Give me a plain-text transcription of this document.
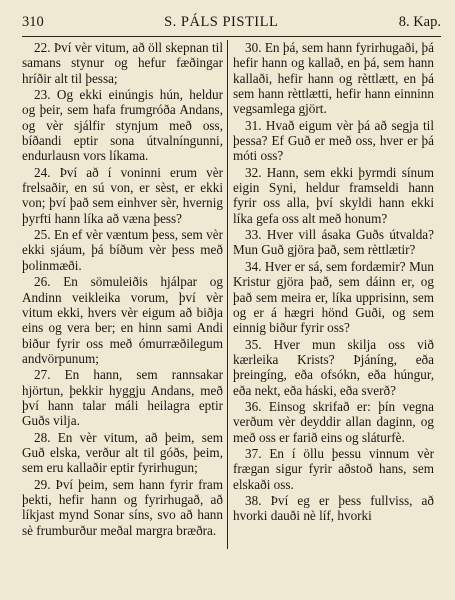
310	S. PÁLS PISTILL	8. Kap.

22. Því vèr vitum, að öll skepnan til samans stynur og hefur fæðingar hríðir alt til þessa;

23. Og ekki einúngis hún, heldur og þeir, sem hafa frumgróða Andans, og vèr sjálfir stynjum með oss, bíðandi eptir sona útvalníngunni, endurlausn vors líkama.

24. Því að í voninni erum vèr frelsaðir, en sú von, er sèst, er ekki von; því það sem einhver sèr, hvernig þyrfti hann líka að væna þess?

25. En ef vèr væntum þess, sem vèr ekki sjáum, þá bíðum vèr þess með þolinmæði.

26. En sömuleiðis hjálpar og Andinn veikleika vorum, því vèr vitum ekki, hvers vèr eigum að biðja eins og vera ber; en hinn sami Andi biður fyrir oss með ómurræðilegum andvörpunum;

27. En hann, sem rannsakar hjörtun, þekkir hyggju Andans, með því hann talar máli heilagra eptir Guðs vilja.

28. En vèr vitum, að þeim, sem Guð elska, verður alt til góðs, þeim, sem eru kallaðir eptir fyrirhugun;

29. Því þeim, sem hann fyrir fram þekti, hefir hann og fyrirhugað, að líkjast mynd Sonar síns, svo að hann sè frumburður meðal margra bræðra.

30. En þá, sem hann fyrirhugaði, þá hefir hann og kallað, en þá, sem hann kallaði, hefir hann og rèttlætt, en þá sem hann rèttlætti, hefir hann einninn vegsamlega gjört.

31. Hvað eigum vèr þá að segja til þessa? Ef Guð er með oss, hver er þá móti oss?

32. Hann, sem ekki þyrmdi sínum eigin Syni, heldur framseldi hann fyrir oss alla, því skyldi hann ekki líka gefa oss alt með honum?

33. Hver vill ásaka Guðs útvalda? Mun Guð gjöra það, sem rèttlætir?

34. Hver er sá, sem fordæmir? Mun Kristur gjöra það, sem dáinn er, og það sem meira er, líka upprisinn, sem og er á hægri hönd Guði, og sem einnig biður fyrir oss?

35. Hver mun skilja oss við kærleika Krists? Þjáníng, eða þreingíng, eða ofsókn, eða húngur, eða nekt, eða háski, eða sverð?

36. Einsog skrifað er: þín vegna verðum vèr deyddir allan daginn, og með oss er farið eins og sláturfè.

37. En í öllu þessu vinnum vèr frægan sigur fyrir aðstoð hans, sem elskaði oss.

38. Því eg er þess fullviss, að hvorki dauði nè líf, hvorki
